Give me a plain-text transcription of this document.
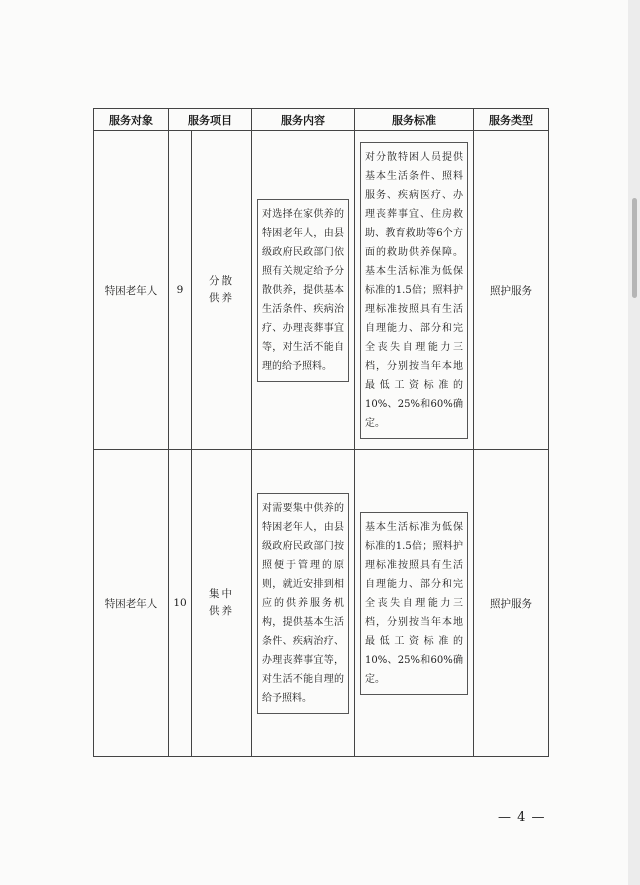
服务对象	服务项目		服务内容	服务标准	服务类型
特困老年人	9	分散供养	对选择在家供养的特困老年人，由县级政府民政部门依照有关规定给予分散供养，提供基本生活条件、疾病治疗、办理丧葬事宜等，对生活不能自理的给予照料。	对分散特困人员提供基本生活条件、照料服务、疾病医疗、办理丧葬事宜、住房救助、教育救助等6个方面的救助供养保障。基本生活标准为低保标准的1.5倍；照料护理标准按照具有生活自理能力、部分和完全丧失自理能力三档，分别按当年本地最低工资标准的10%、25%和60%确定。	照护服务
特困老年人	10	集中供养	对需要集中供养的特困老年人，由县级政府民政部门按照便于管理的原则，就近安排到相应的供养服务机构，提供基本生活条件、疾病治疗、办理丧葬事宜等，对生活不能自理的给予照料。	基本生活标准为低保标准的1.5倍；照料护理标准按照具有生活自理能力、部分和完全丧失自理能力三档，分别按当年本地最低工资标准的10%、25%和60%确定。	照护服务
— 4 —
